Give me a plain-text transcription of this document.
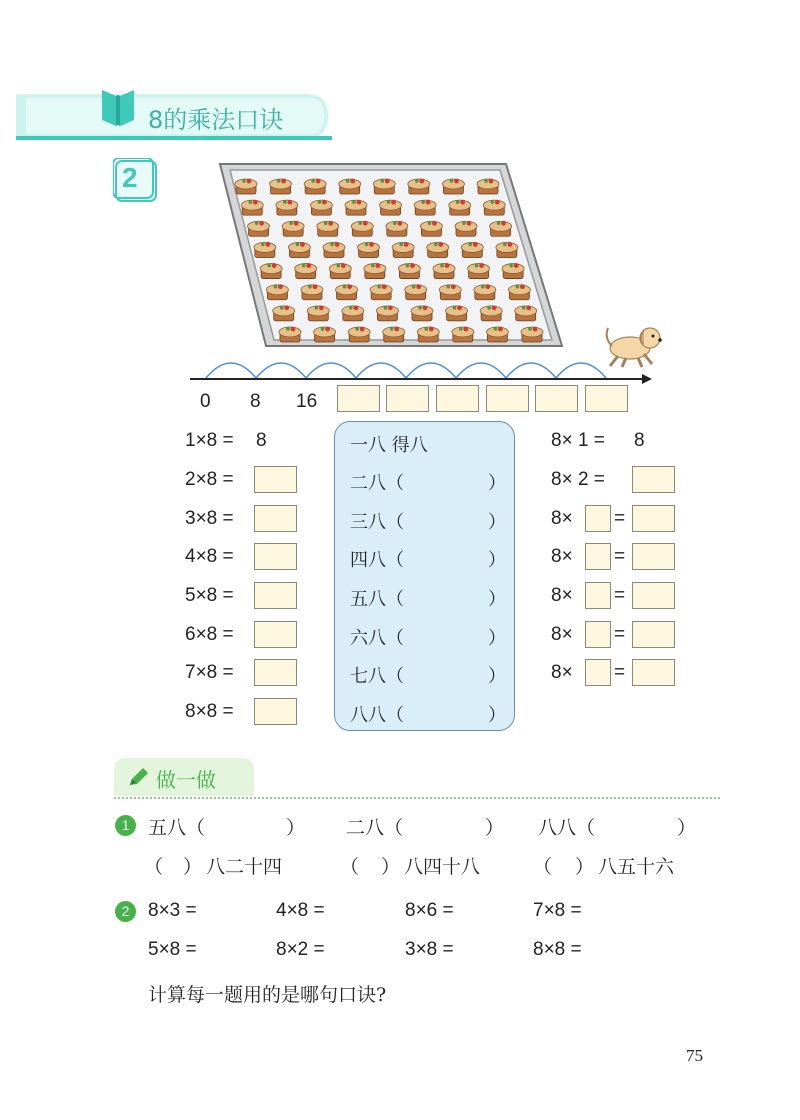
8的乘法口诀
2
0 8 16
1×8 = 8
2×8 =
3×8 =
4×8 =
5×8 =
6×8 =
7×8 =
8×8 =
一八 得八
二八（	）
三八（	）
四八（	）
五八（	）
六八（	）
七八（	）
八八（	）
8× 1 = 8
8× 2 =
8× =
8× =
8× =
8× =
8× =
做一做
1 五八（	） 二八（	） 八八（	）
（ ） 八二十四	（ ） 八四十八	（ ） 八五十六
2 8×3 =	4×8 =	8×6 =	7×8 =
5×8 =	8×2 =	3×8 =	8×8 =
计算每一题用的是哪句口诀?
75
